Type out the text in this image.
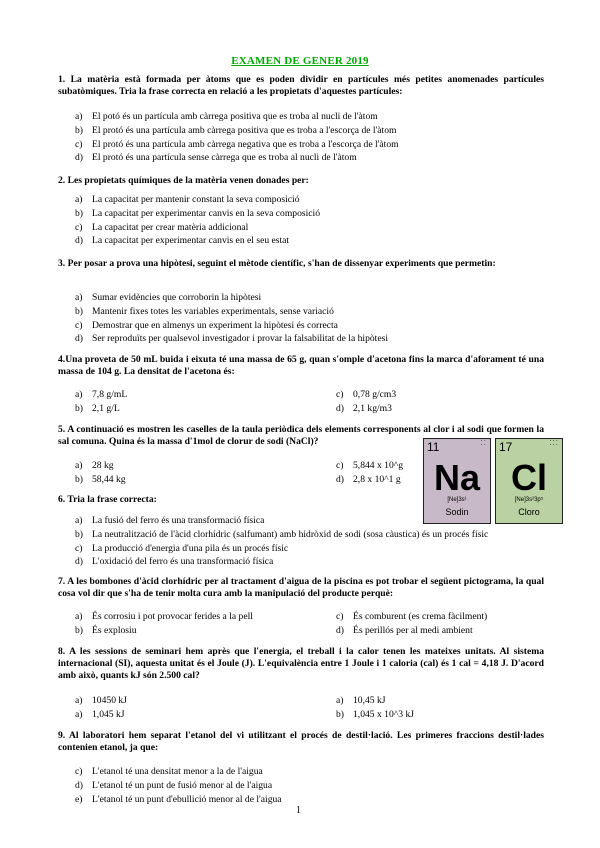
EXAMEN DE GENER 2019
1. La matèria està formada per àtoms que es poden dividir en partícules més petites anomenades partícules subatòmiques. Tria la frase correcta en relació a les propietats d'aquestes partícules:
a) El potó és un partícula amb càrrega positiva que es troba al nucli de l'àtom
b) El protó és una partícula amb càrrega positiva que es troba a l'escorça de l'àtom
c) El protó és una partícula amb càrrega negativa que es troba a l'escorça de l'àtom
d) El protó és una partícula sense càrrega que es troba al nucli de l'àtom
2. Les propietats químiques de la matèria venen donades per:
a) La capacitat per mantenir constant la seva composició
b) La capacitat per experimentar canvis en la seva composició
c) La capacitat per crear matèria addicional
d) La capacitat per experimentar canvis en el seu estat
3. Per posar a prova una hipòtesi, seguint el mètode científic, s'han de dissenyar experiments que permetin:
a) Sumar evidències que corroborin la hipòtesi
b) Mantenir fixes totes les variables experimentals, sense variació
c) Demostrar que en almenys un experiment la hipòtesi és correcta
d) Ser reproduïts per qualsevol investigador i provar la falsabilitat de la hipòtesi
4.Una proveta de 50 mL buida i eixuta té una massa de 65 g, quan s'omple d'acetona fins la marca d'aforament té una massa de 104 g. La densitat de l'acetona és:
a) 7,8 g/mL	c) 0,78 g/cm3
b) 2,1 g/L	d) 2,1 kg/m3
5. A continuació es mostren les caselles de la taula periòdica dels elements corresponents al clor i al sodi que formen la sal comuna. Quina és la massa d'1mol de clorur de sodi (NaCl)?
a) 28 kg	c) 5,844 x 10^g
b) 58,44 kg	d) 2,8 x 10^1 g
11	⁚⁚
Na
[Ne]3s¹
Sodin
17	⁚⁚⁚
Cl
[Ne]3s²3p⁵
Cloro
6. Tria la frase correcta:
a) La fusió del ferro és una transformació física
b) La neutralització de l'àcid clorhídric (salfumant) amb hidròxid de sodi (sosa càustica) és un procés físic
c) La producció d'energia d'una pila és un procés físic
d) L'oxidació del ferro és una transformació física
7. A les bombones d'àcid clorhídric per al tractament d'aigua de la piscina es pot trobar el següent pictograma, la qual cosa vol dir que s'ha de tenir molta cura amb la manipulació del producte perquè:
a) És corrosiu i pot provocar ferides a la pell	c) És comburent (es crema fàcilment)
b) És explosiu	d) És perillós per al medi ambient
8. A les sessions de seminari hem après que l'energia, el treball i la calor tenen les mateixes unitats. Al sistema internacional (SI), aquesta unitat és el Joule (J). L'equivalència entre 1 Joule i 1 caloria (cal) és 1 cal = 4,18 J. D'acord amb això, quants kJ són 2.500 cal?
a) 10450 kJ	a) 10,45 kJ
a) 1,045 kJ	b) 1,045 x 10^3 kJ
9. Al laboratori hem separat l'etanol del vi utilitzant el procés de destil·lació. Les primeres fraccions destil·lades contenien etanol, ja que:
c) L'etanol té una densitat menor a la de l'aigua
d) L'etanol té un punt de fusió menor al de l'aigua
e) L'etanol té un punt d'ebullició menor al de l'aigua
1
